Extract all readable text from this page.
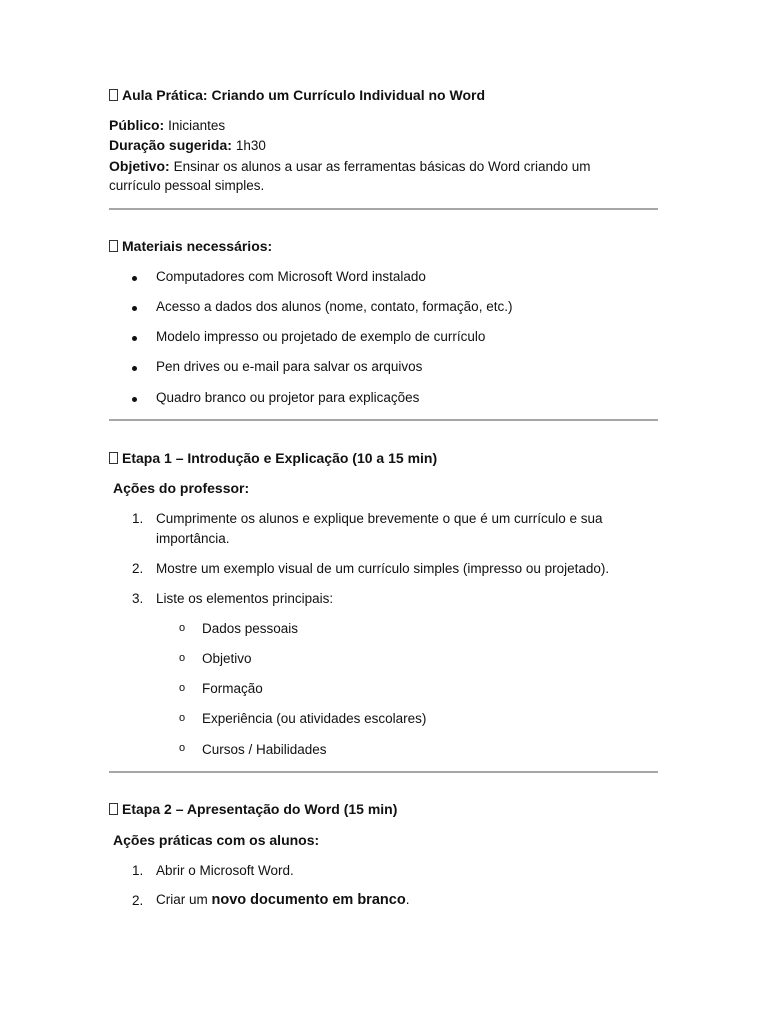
Aula Prática: Criando um Currículo Individual no Word
Público: Iniciantes
Duração sugerida: 1h30
Objetivo: Ensinar os alunos a usar as ferramentas básicas do Word criando um
currículo pessoal simples.
Materiais necessários:
Computadores com Microsoft Word instalado
Acesso a dados dos alunos (nome, contato, formação, etc.)
Modelo impresso ou projetado de exemplo de currículo
Pen drives ou e-mail para salvar os arquivos
Quadro branco ou projetor para explicações
Etapa 1 – Introdução e Explicação (10 a 15 min)
Ações do professor:
1. Cumprimente os alunos e explique brevemente o que é um currículo e sua
importância.
2. Mostre um exemplo visual de um currículo simples (impresso ou projetado).
3. Liste os elementos principais:
o Dados pessoais
o Objetivo
o Formação
o Experiência (ou atividades escolares)
o Cursos / Habilidades
Etapa 2 – Apresentação do Word (15 min)
Ações práticas com os alunos:
1. Abrir o Microsoft Word.
2. Criar um novo documento em branco.
